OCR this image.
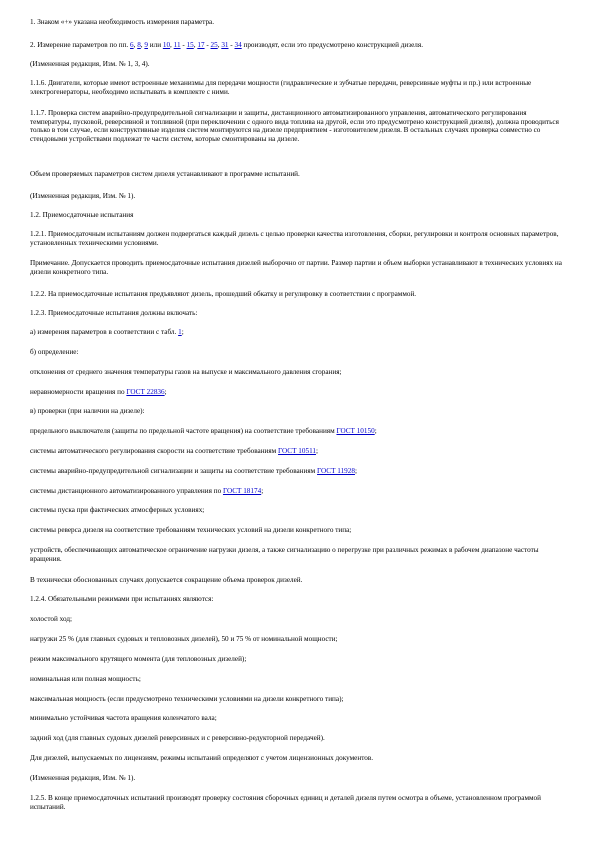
1. Знаком «+» указана необходимость измерения параметра.

2. Измерение параметров по пп. 6, 8, 9 или 10, 11 - 15, 17 - 25, 31 - 34 производят, если это предусмотрено конструкцией дизеля.

(Измененная редакция, Изм. № 1, 3, 4).

1.1.6. Двигатели, которые имеют встроенные механизмы для передачи мощности (гидравлические и зубчатые передачи, реверсивные муфты и пр.) или встроенные электрогенераторы, необходимо испытывать в комплекте с ними.

1.1.7. Проверка систем аварийно-предупредительной сигнализации и защиты, дистанционного автоматизированного управления, автоматического регулирования температуры, пусковой, реверсивной и топливной (при переключении с одного вида топлива на другой, если это предусмотрено конструкцией дизеля), должна проводиться только в том случае, если конструктивные изделия систем монтируются на дизеле предприятием - изготовителем дизеля. В остальных случаях проверка совместно со стендовыми устройствами подлежат те части систем, которые смонтированы на дизеле.

Объем проверяемых параметров систем дизеля устанавливают в программе испытаний.

(Измененная редакция, Изм. № 1).

1.2. Приемосдаточные испытания

1.2.1. Приемосдаточным испытаниям должен подвергаться каждый дизель с целью проверки качества изготовления, сборки, регулировки и контроля основных параметров, установленных техническими условиями.

Примечание. Допускается проводить приемосдаточные испытания дизелей выборочно от партии. Размер партии и объем выборки устанавливают в технических условиях на дизели конкретного типа.

1.2.2. На приемосдаточные испытания предъявляют дизель, прошедший обкатку и регулировку в соответствии с программой.

1.2.3. Приемосдаточные испытания должны включать:

а) измерения параметров в соответствии с табл. 1;

б) определение:

отклонения от среднего значения температуры газов на выпуске и максимального давления сгорания;

неравномерности вращения по ГОСТ 22836;

в) проверки (при наличии на дизеле):

предельного выключателя (защиты по предельной частоте вращения) на соответствие требованиям ГОСТ 10150;

системы автоматического регулирования скорости на соответствие требованиям ГОСТ 10511;

системы аварийно-предупредительной сигнализации и защиты на соответствие требованиям ГОСТ 11928;

системы дистанционного автоматизированного управления по ГОСТ 18174;

системы пуска при фактических атмосферных условиях;

системы реверса дизеля на соответствие требованиям технических условий на дизели конкретного типа;

устройств, обеспечивающих автоматическое ограничение нагрузки дизеля, а также сигнализацию о перегрузке при различных режимах в рабочем диапазоне частоты вращения.

В технически обоснованных случаях допускается сокращение объема проверок дизелей.

1.2.4. Обязательными режимами при испытаниях являются:

холостой ход;

нагрузки 25 % (для главных судовых и тепловозных дизелей), 50 и 75 % от номинальной мощности;

режим максимального крутящего момента (для тепловозных дизелей);

номинальная или полная мощность;

максимальная мощность (если предусмотрено техническими условиями на дизели конкретного типа);

минимально устойчивая частота вращения коленчатого вала;

задний ход (для главных судовых дизелей реверсивных и с реверсивно-редукторной передачей).

Для дизелей, выпускаемых по лицензиям, режимы испытаний определяют с учетом лицензионных документов.

(Измененная редакция, Изм. № 1).

1.2.5. В конце приемосдаточных испытаний производят проверку состояния сборочных единиц и деталей дизеля путем осмотра в объеме, установленном программой испытаний.
